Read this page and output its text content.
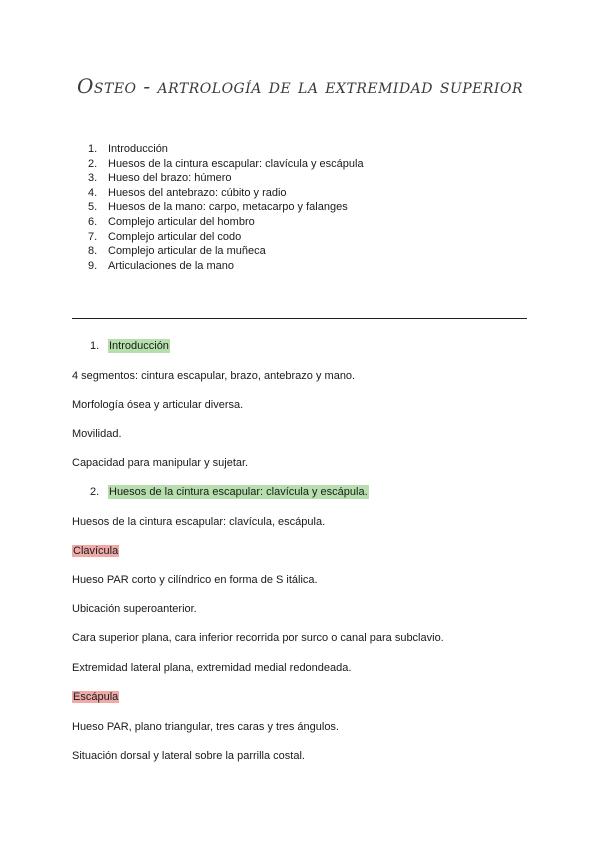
Osteo - artrología de la extremidad superior
1. Introducción
2. Huesos de la cintura escapular: clavícula y escápula
3. Hueso del brazo: húmero
4. Huesos del antebrazo: cúbito y radio
5. Huesos de la mano: carpo, metacarpo y falanges
6. Complejo articular del hombro
7. Complejo articular del codo
8. Complejo articular de la muñeca
9. Articulaciones de la mano
1. Introducción
4 segmentos: cintura escapular, brazo, antebrazo y mano.
Morfología ósea y articular diversa.
Movilidad.
Capacidad para manipular y sujetar.
2. Huesos de la cintura escapular: clavícula y escápula.
Huesos de la cintura escapular: clavícula, escápula.
Clavícula
Hueso PAR corto y cilíndrico en forma de S itálica.
Ubicación superoanterior.
Cara superior plana, cara inferior recorrida por surco o canal para subclavio.
Extremidad lateral plana, extremidad medial redondeada.
Escápula
Hueso PAR, plano triangular, tres caras y tres ángulos.
Situación dorsal y lateral sobre la parrilla costal.
